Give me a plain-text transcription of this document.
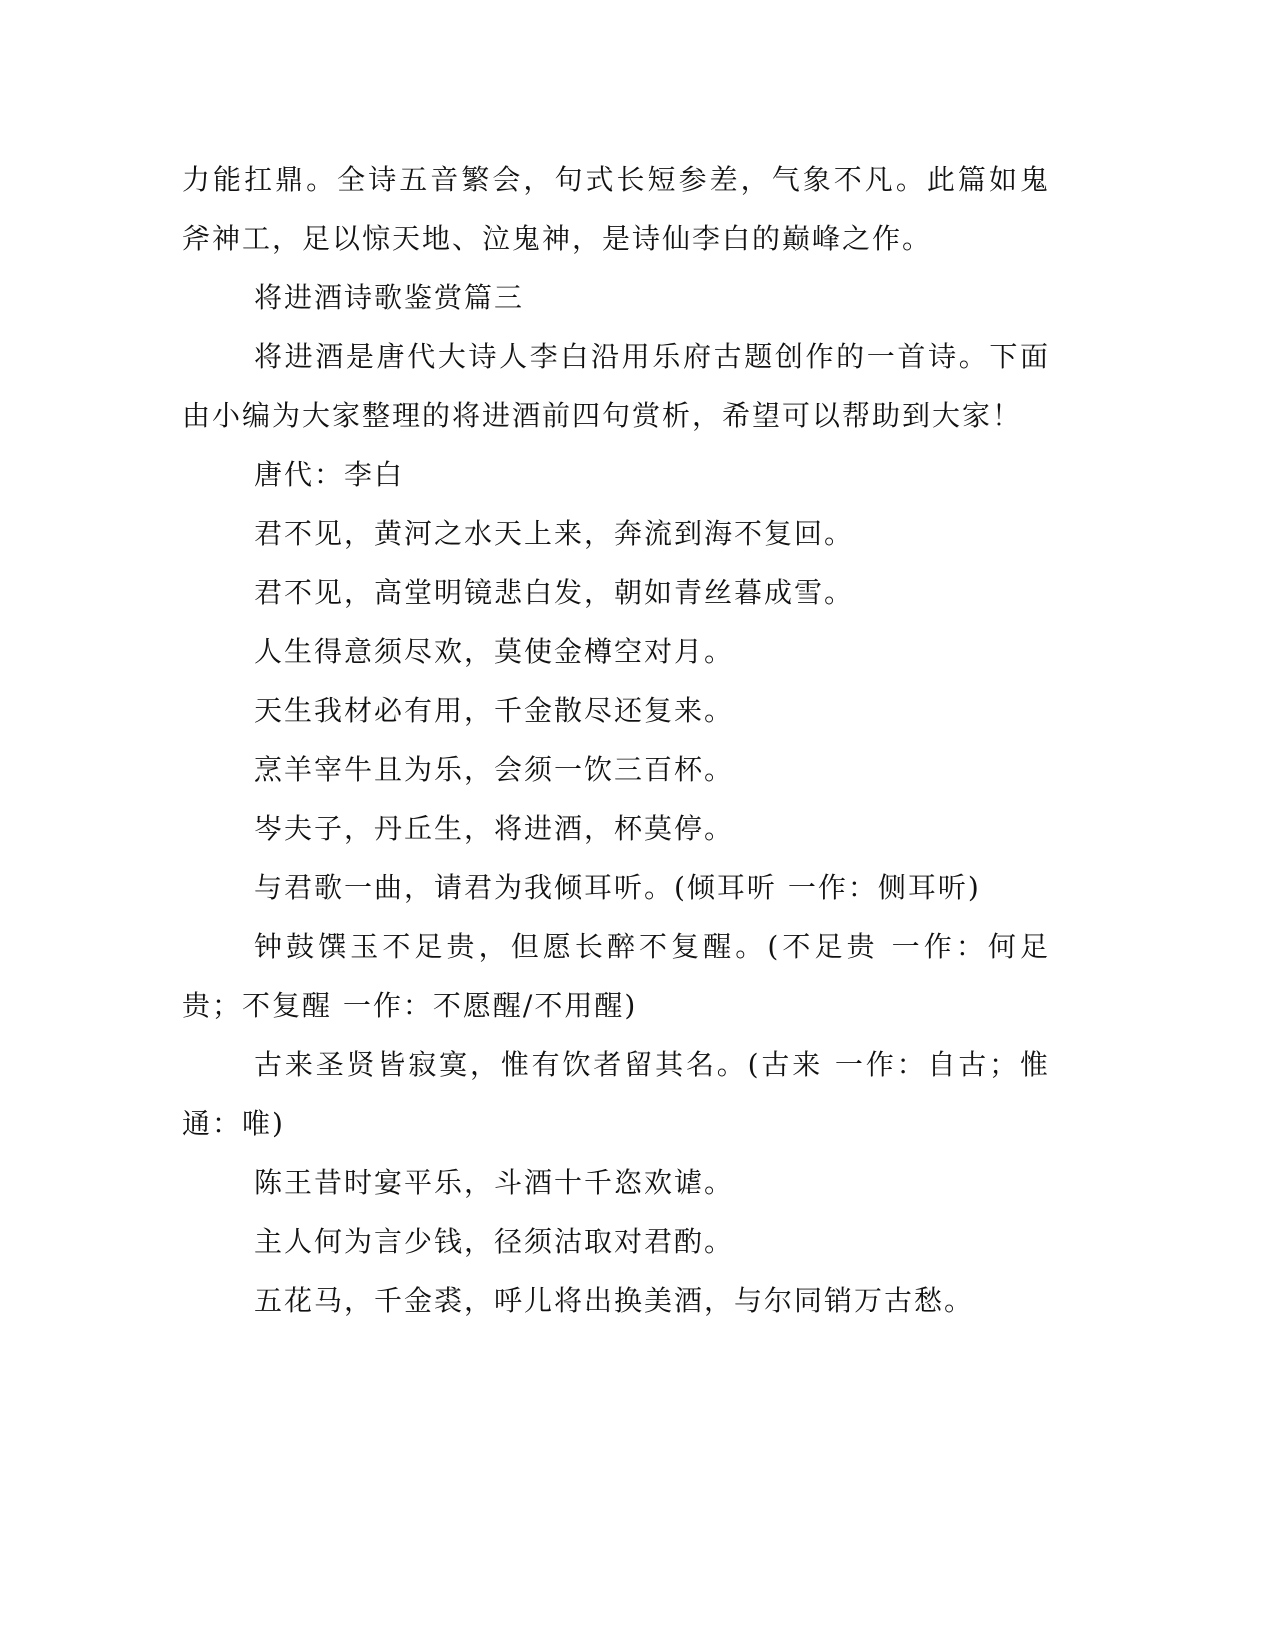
力能扛鼎。全诗五音繁会，句式长短参差，气象不凡。此篇如鬼斧神工，足以惊天地、泣鬼神，是诗仙李白的巅峰之作。

将进酒诗歌鉴赏篇三

将进酒是唐代大诗人李白沿用乐府古题创作的一首诗。下面由小编为大家整理的将进酒前四句赏析，希望可以帮助到大家！

唐代：李白

君不见，黄河之水天上来，奔流到海不复回。

君不见，高堂明镜悲白发，朝如青丝暮成雪。

人生得意须尽欢，莫使金樽空对月。

天生我材必有用，千金散尽还复来。

烹羊宰牛且为乐，会须一饮三百杯。

岑夫子，丹丘生，将进酒，杯莫停。

与君歌一曲，请君为我倾耳听。(倾耳听 一作：侧耳听)

钟鼓馔玉不足贵，但愿长醉不复醒。(不足贵 一作：何足贵；不复醒 一作：不愿醒/不用醒)

古来圣贤皆寂寞，惟有饮者留其名。(古来 一作：自古；惟 通：唯)

陈王昔时宴平乐，斗酒十千恣欢谑。

主人何为言少钱，径须沽取对君酌。

五花马，千金裘，呼儿将出换美酒，与尔同销万古愁。
